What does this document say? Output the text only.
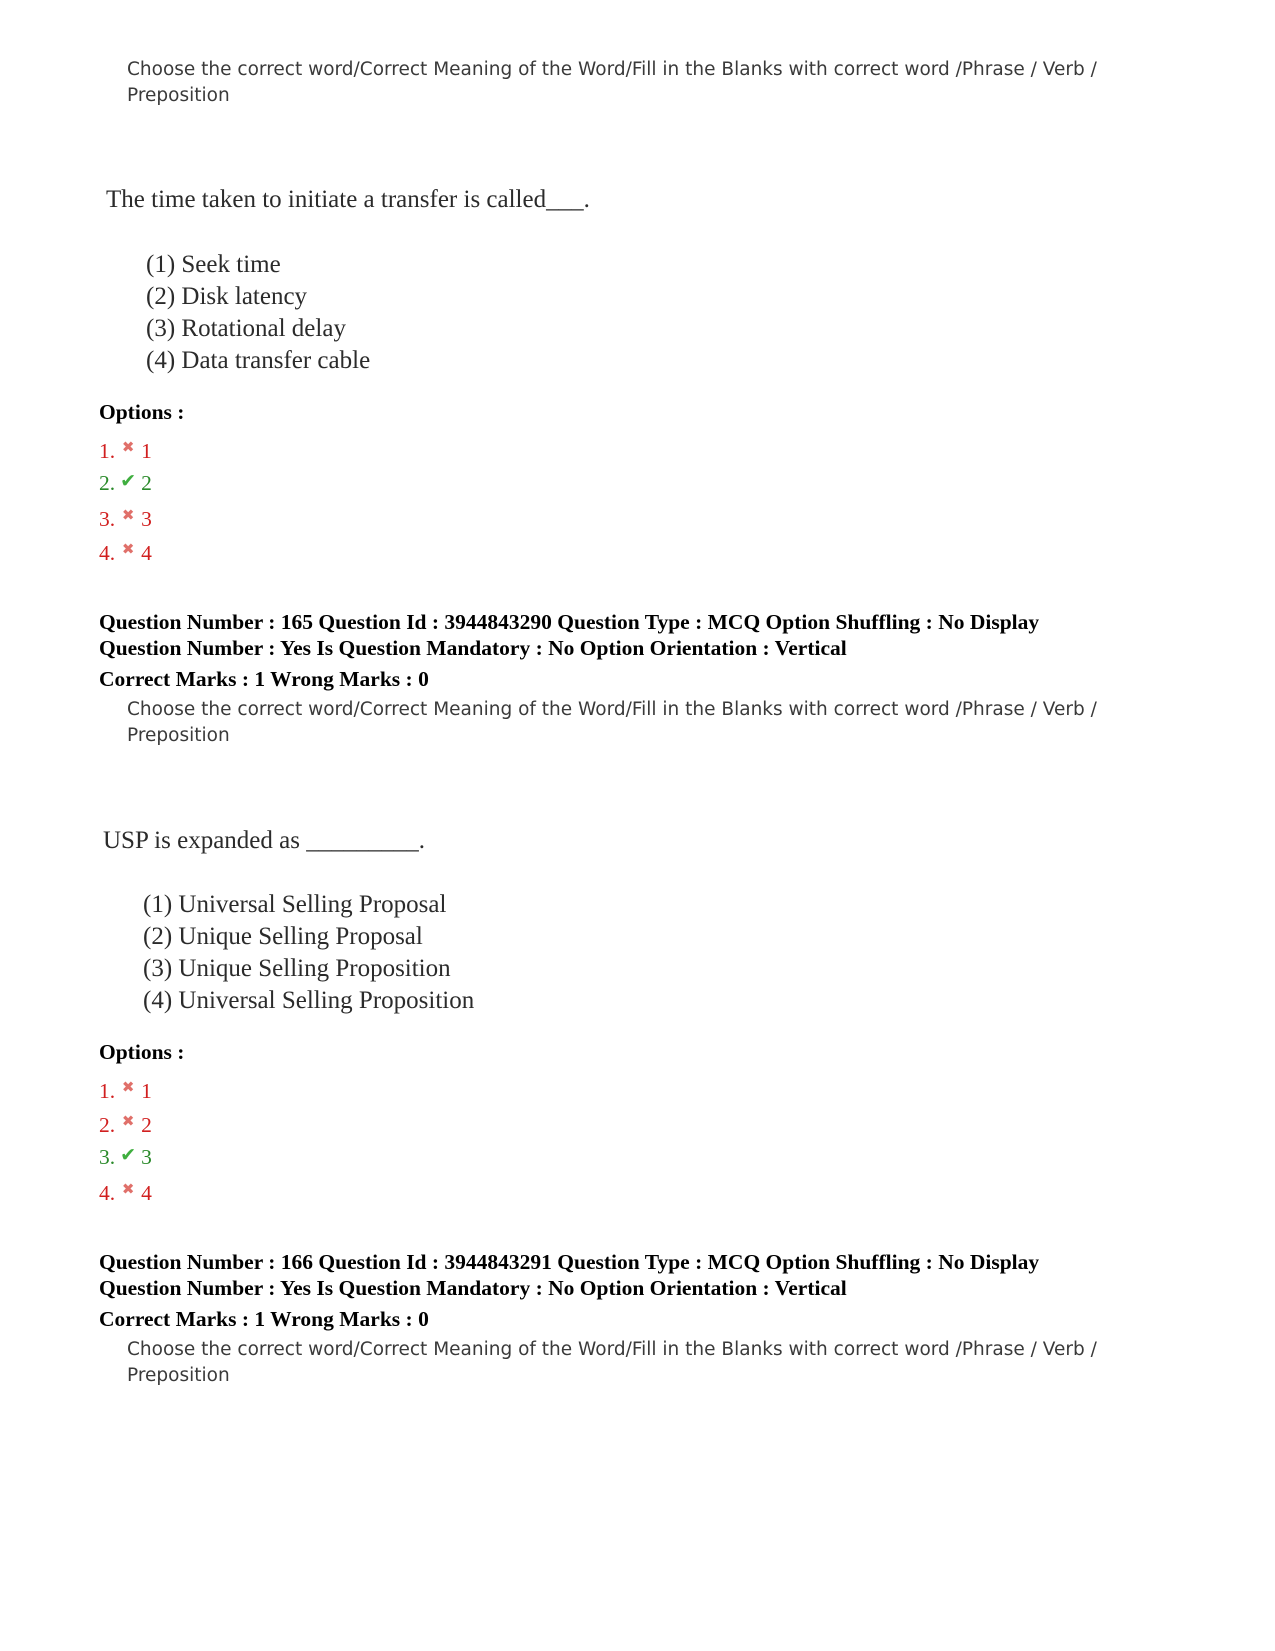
Choose the correct word/Correct Meaning of the Word/Fill in the Blanks with correct word /Phrase / Verb /
Preposition
The time taken to initiate a transfer is called___.
(1) Seek time
(2) Disk latency
(3) Rotational delay
(4) Data transfer cable
Options :
1. ✖ 1
2. ✔ 2
3. ✖ 3
4. ✖ 4
Question Number : 165 Question Id : 3944843290 Question Type : MCQ Option Shuffling : No Display
Question Number : Yes Is Question Mandatory : No Option Orientation : Vertical
Correct Marks : 1 Wrong Marks : 0
Choose the correct word/Correct Meaning of the Word/Fill in the Blanks with correct word /Phrase / Verb /
Preposition
USP is expanded as _________.
(1) Universal Selling Proposal
(2) Unique Selling Proposal
(3) Unique Selling Proposition
(4) Universal Selling Proposition
Options :
1. ✖ 1
2. ✖ 2
3. ✔ 3
4. ✖ 4
Question Number : 166 Question Id : 3944843291 Question Type : MCQ Option Shuffling : No Display
Question Number : Yes Is Question Mandatory : No Option Orientation : Vertical
Correct Marks : 1 Wrong Marks : 0
Choose the correct word/Correct Meaning of the Word/Fill in the Blanks with correct word /Phrase / Verb /
Preposition
